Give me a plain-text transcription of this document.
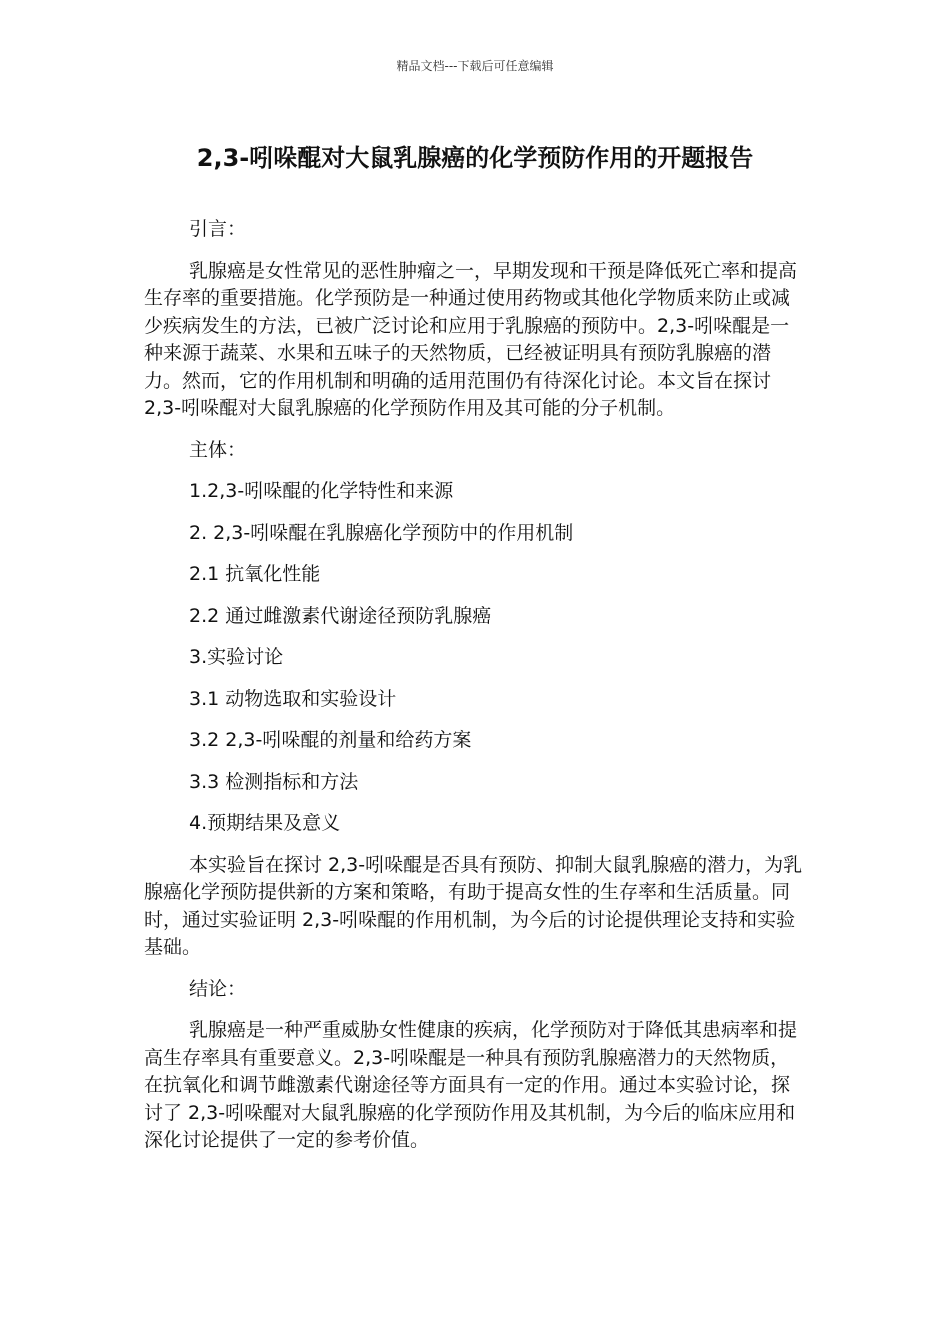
精品文档---下载后可任意编辑
2,3-吲哚醌对大鼠乳腺癌的化学预防作用的开题报告

引言：

乳腺癌是女性常见的恶性肿瘤之一，早期发现和干预是降低死亡率和提高生存率的重要措施。化学预防是一种通过使用药物或其他化学物质来防止或减少疾病发生的方法，已被广泛讨论和应用于乳腺癌的预防中。2,3-吲哚醌是一种来源于蔬菜、水果和五味子的天然物质，已经被证明具有预防乳腺癌的潜力。然而，它的作用机制和明确的适用范围仍有待深化讨论。本文旨在探讨 2,3-吲哚醌对大鼠乳腺癌的化学预防作用及其可能的分子机制。

主体：

1.2,3-吲哚醌的化学特性和来源

2. 2,3-吲哚醌在乳腺癌化学预防中的作用机制

2.1 抗氧化性能

2.2 通过雌激素代谢途径预防乳腺癌

3.实验讨论

3.1 动物选取和实验设计

3.2 2,3-吲哚醌的剂量和给药方案

3.3 检测指标和方法

4.预期结果及意义

本实验旨在探讨 2,3-吲哚醌是否具有预防、抑制大鼠乳腺癌的潜力，为乳腺癌化学预防提供新的方案和策略，有助于提高女性的生存率和生活质量。同时，通过实验证明 2,3-吲哚醌的作用机制，为今后的讨论提供理论支持和实验基础。

结论：

乳腺癌是一种严重威胁女性健康的疾病，化学预防对于降低其患病率和提高生存率具有重要意义。2,3-吲哚醌是一种具有预防乳腺癌潜力的天然物质，在抗氧化和调节雌激素代谢途径等方面具有一定的作用。通过本实验讨论，探讨了 2,3-吲哚醌对大鼠乳腺癌的化学预防作用及其机制，为今后的临床应用和深化讨论提供了一定的参考价值。
